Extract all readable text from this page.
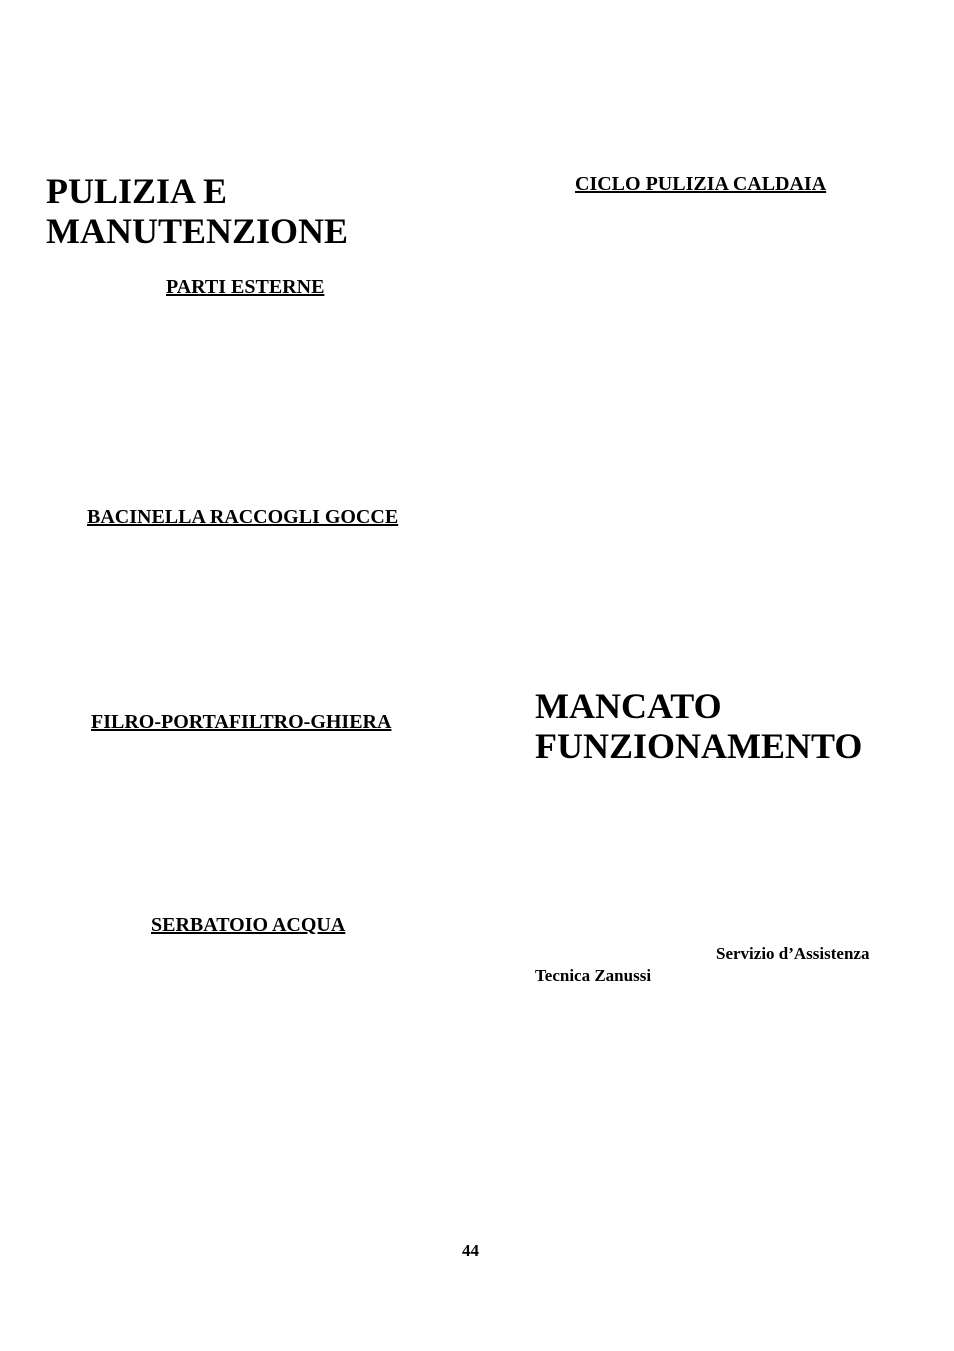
PULIZIA E
MANUTENZIONE
PARTI ESTERNE
BACINELLA RACCOGLI GOCCE
FILRO-PORTAFILTRO-GHIERA
SERBATOIO ACQUA
CICLO PULIZIA CALDAIA
MANCATO
FUNZIONAMENTO
Servizio d’Assistenza
Tecnica Zanussi
44
